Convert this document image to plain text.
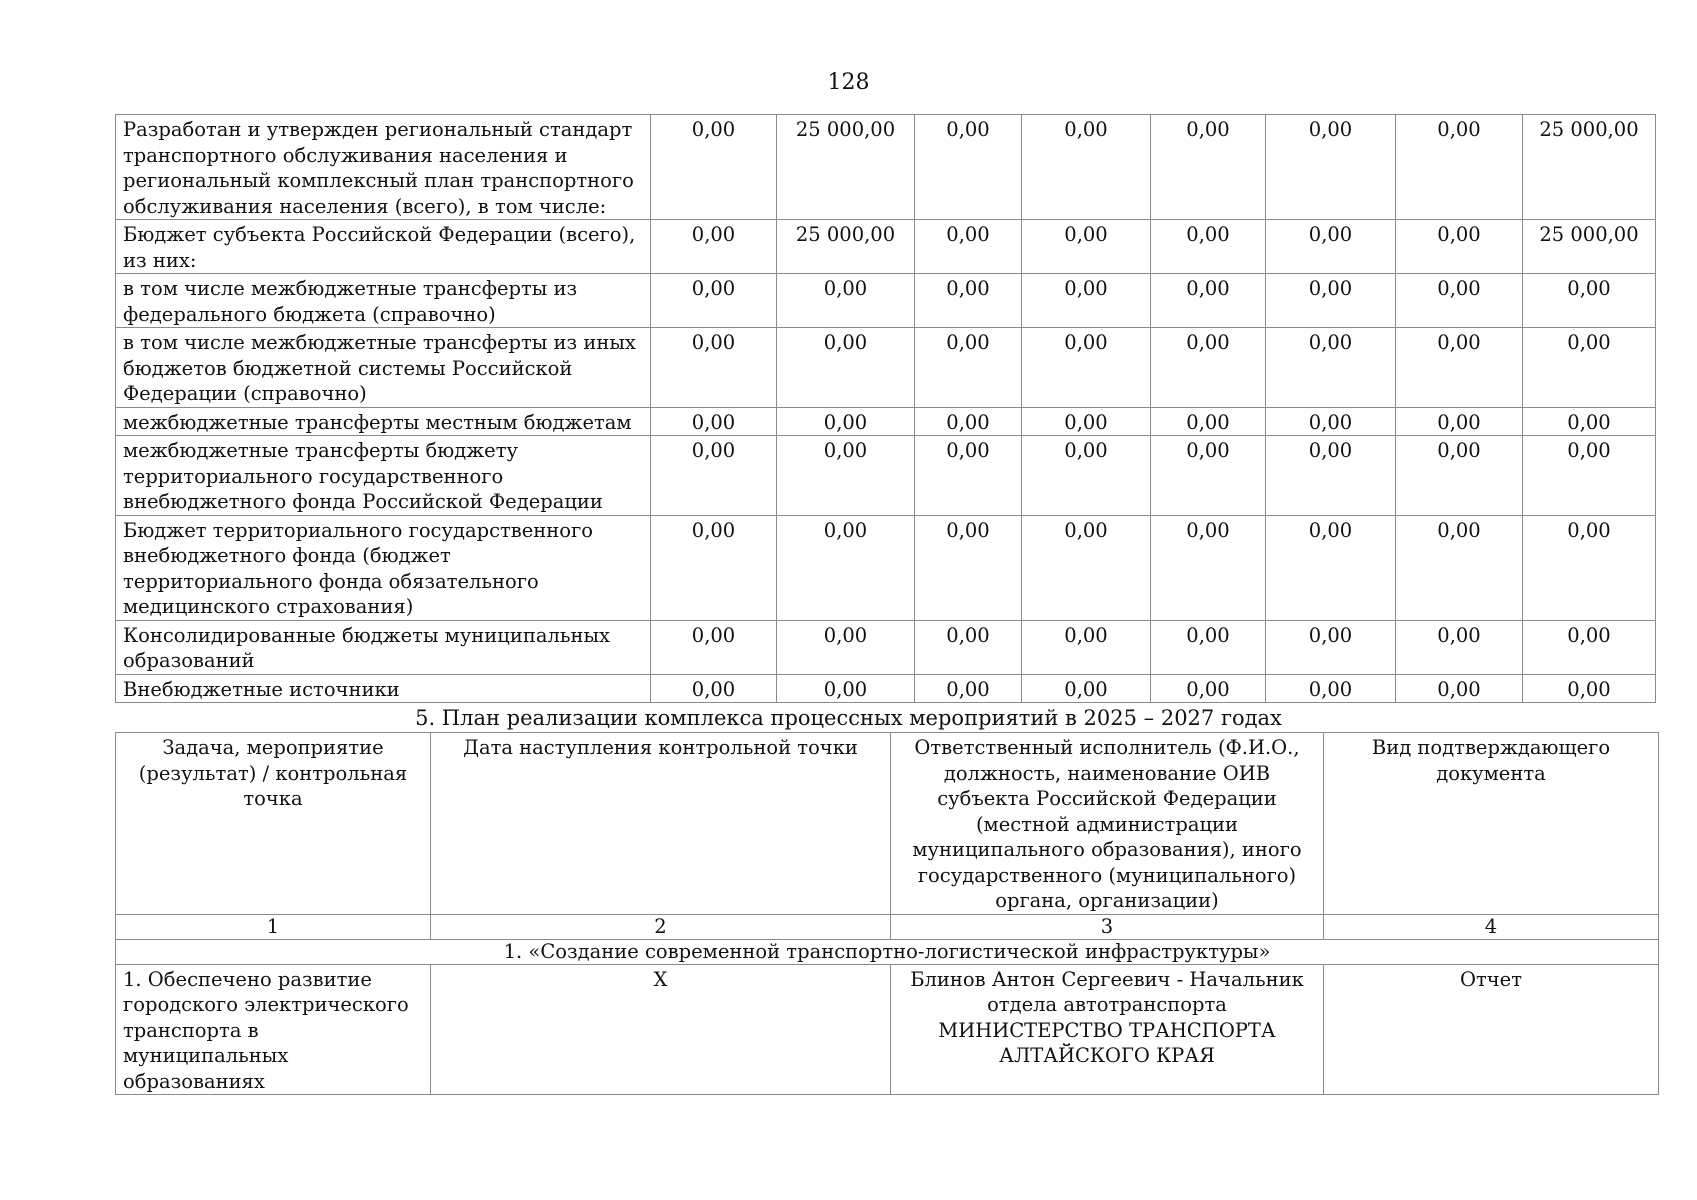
128
Разработан и утвержден региональный стандарт транспортного обслуживания населения и региональный комплексный план транспортного обслуживания населения (всего), в том числе:	0,00	25 000,00	0,00	0,00	0,00	0,00	0,00	25 000,00
Бюджет субъекта Российской Федерации (всего), из них:	0,00	25 000,00	0,00	0,00	0,00	0,00	0,00	25 000,00
в том числе межбюджетные трансферты из федерального бюджета (справочно)	0,00	0,00	0,00	0,00	0,00	0,00	0,00	0,00
в том числе межбюджетные трансферты из иных бюджетов бюджетной системы Российской Федерации (справочно)	0,00	0,00	0,00	0,00	0,00	0,00	0,00	0,00
межбюджетные трансферты местным бюджетам	0,00	0,00	0,00	0,00	0,00	0,00	0,00	0,00
межбюджетные трансферты бюджету территориального государственного внебюджетного фонда Российской Федерации	0,00	0,00	0,00	0,00	0,00	0,00	0,00	0,00
Бюджет территориального государственного внебюджетного фонда (бюджет территориального фонда обязательного медицинского страхования)	0,00	0,00	0,00	0,00	0,00	0,00	0,00	0,00
Консолидированные бюджеты муниципальных образований	0,00	0,00	0,00	0,00	0,00	0,00	0,00	0,00
Внебюджетные источники	0,00	0,00	0,00	0,00	0,00	0,00	0,00	0,00
5. План реализации комплекса процессных мероприятий в 2025 – 2027 годах
Задача, мероприятие (результат) / контрольная точка	Дата наступления контрольной точки	Ответственный исполнитель (Ф.И.О., должность, наименование ОИВ субъекта Российской Федерации (местной администрации муниципального образования), иного государственного (муниципального) органа, организации)	Вид подтверждающего документа
1	2	3	4
1. «Создание современной транспортно-логистической инфраструктуры»			
1. Обеспечено развитие городского электрического транспорта в муниципальных образованиях	Х	Блинов Антон Сергеевич - Начальник
отдела автотранспорта
МИНИСТЕРСТВО ТРАНСПОРТА
АЛТАЙСКОГО КРАЯ	Отчет
